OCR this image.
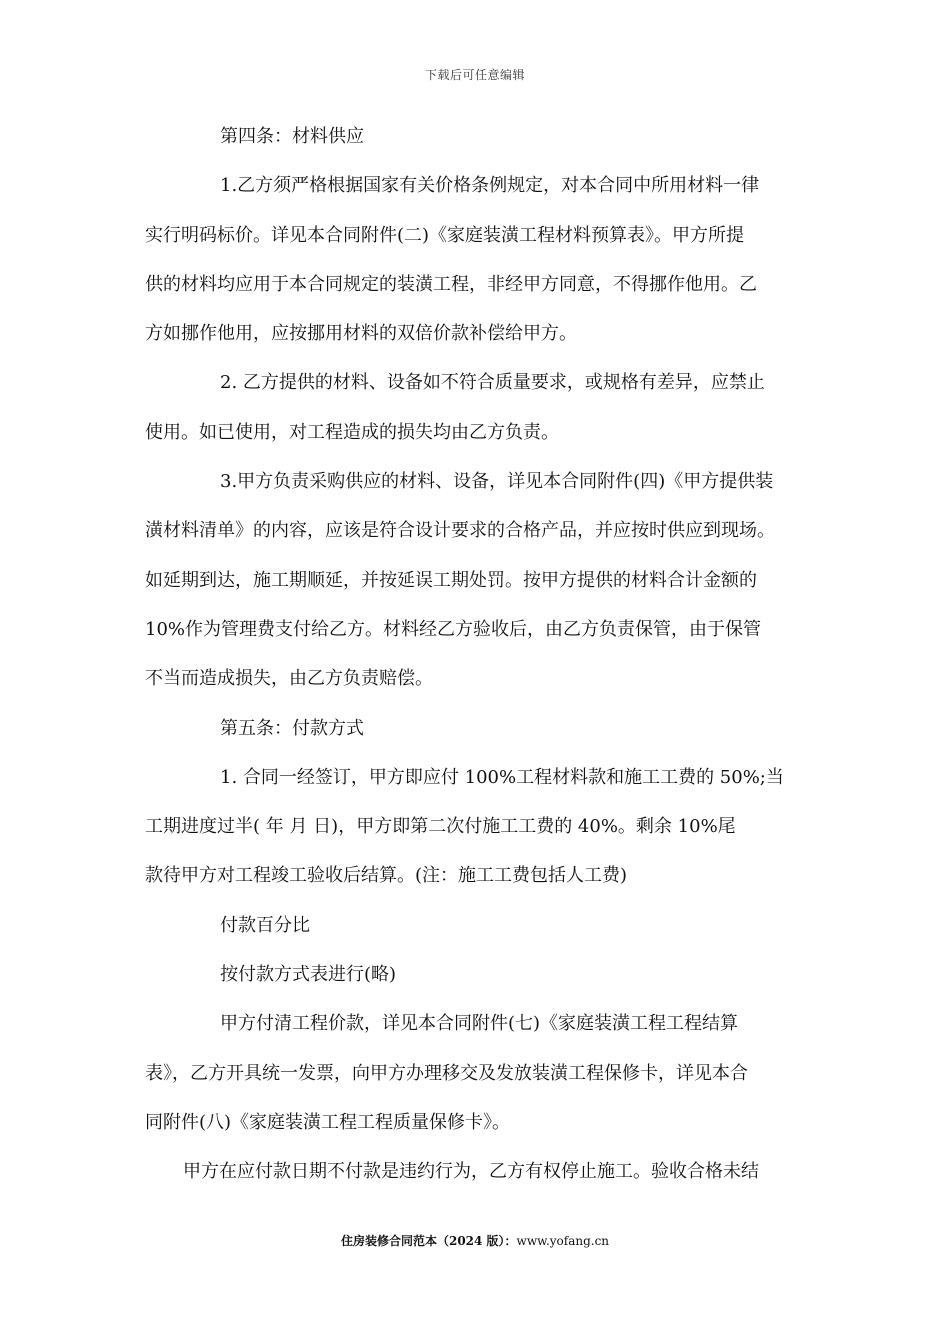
下载后可任意编辑
第四条：材料供应
1.乙方须严格根据国家有关价格条例规定，对本合同中所用材料一律
实行明码标价。详见本合同附件(二)《家庭装潢工程材料预算表》。甲方所提
供的材料均应用于本合同规定的装潢工程，非经甲方同意，不得挪作他用。乙
方如挪作他用，应按挪用材料的双倍价款补偿给甲方。
2. 乙方提供的材料、设备如不符合质量要求，或规格有差异，应禁止
使用。如已使用，对工程造成的损失均由乙方负责。
3.甲方负责采购供应的材料、设备，详见本合同附件(四)《甲方提供装
潢材料清单》的内容，应该是符合设计要求的合格产品，并应按时供应到现场。
如延期到达，施工期顺延，并按延误工期处罚。按甲方提供的材料合计金额的
10%作为管理费支付给乙方。材料经乙方验收后，由乙方负责保管，由于保管
不当而造成损失，由乙方负责赔偿。
第五条：付款方式
1. 合同一经签订，甲方即应付 100%工程材料款和施工工费的 50%;当
工期进度过半( 年 月 日)，甲方即第二次付施工工费的 40%。剩余 10%尾
款待甲方对工程竣工验收后结算。(注：施工工费包括人工费)
付款百分比
按付款方式表进行(略)
甲方付清工程价款，详见本合同附件(七)《家庭装潢工程工程结算
表》，乙方开具统一发票，向甲方办理移交及发放装潢工程保修卡，详见本合
同附件(八)《家庭装潢工程工程质量保修卡》。
甲方在应付款日期不付款是违约行为，乙方有权停止施工。验收合格未结
住房装修合同范本（2024 版）：www.yofang.cn
